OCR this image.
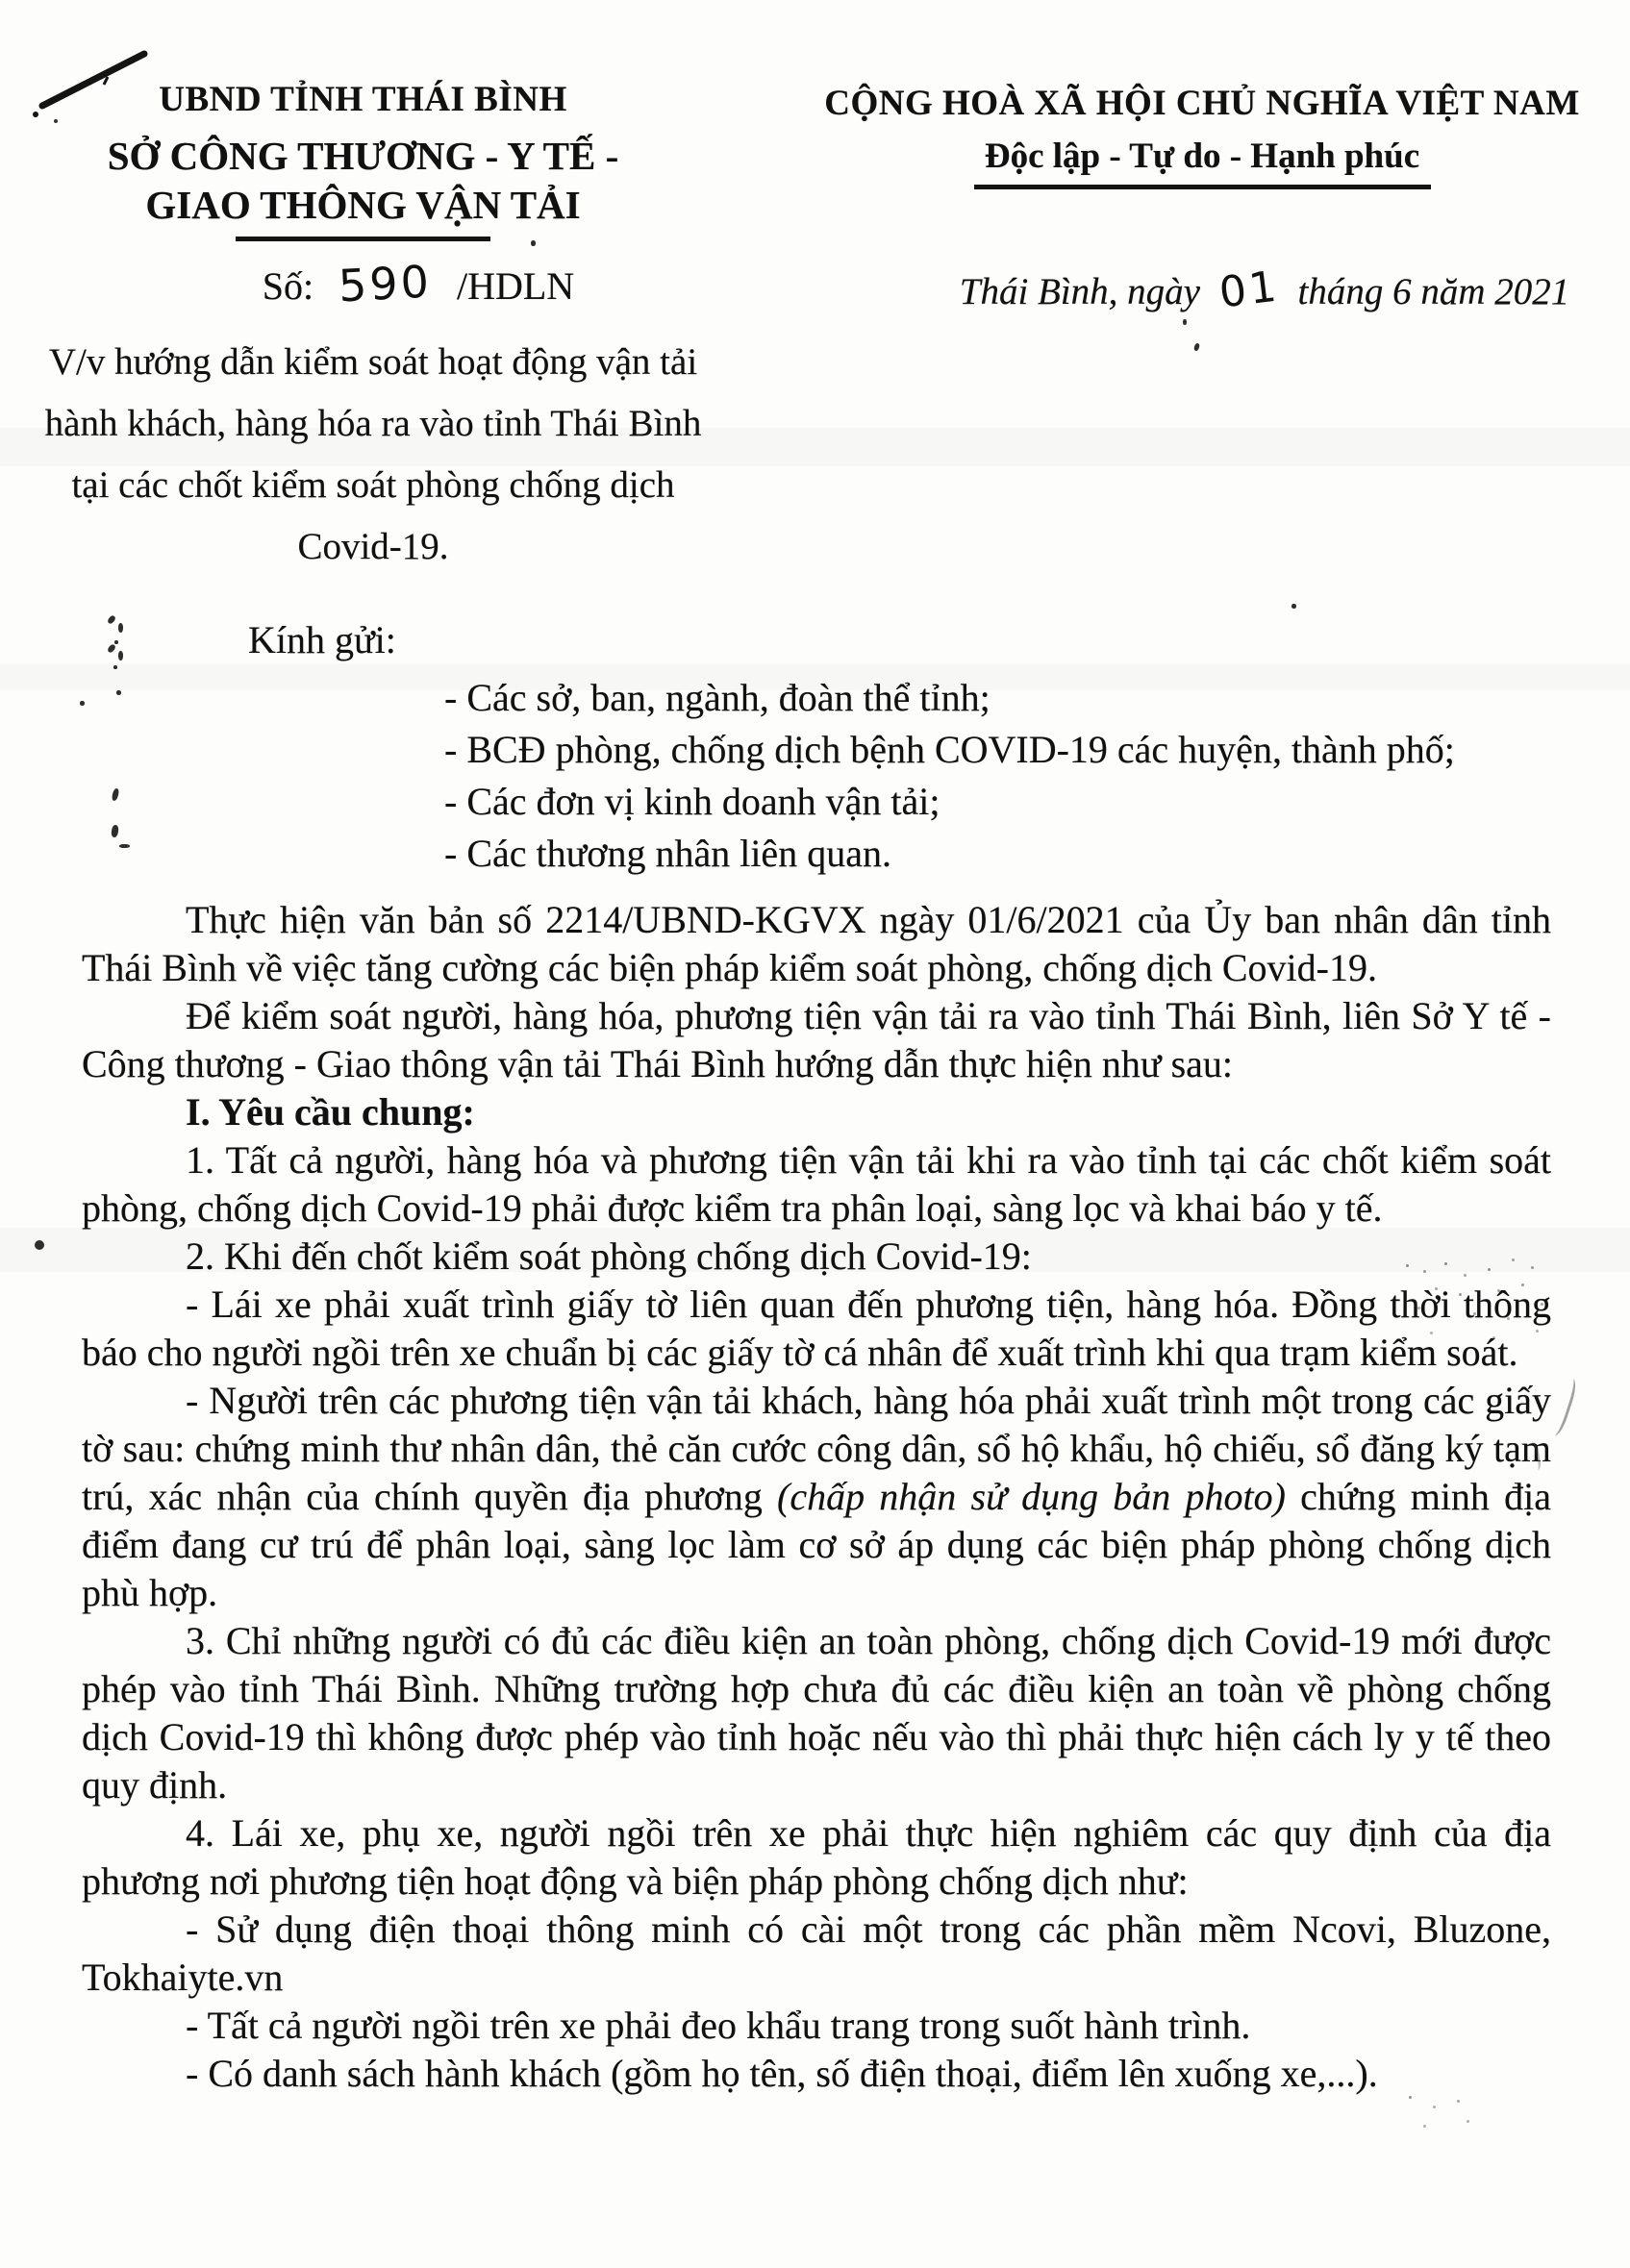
UBND TỈNH THÁI BÌNH
SỞ CÔNG THƯƠNG - Y TẾ -
GIAO THÔNG VẬN TẢI
CỘNG HOÀ XÃ HỘI CHỦ NGHĨA VIỆT NAM
Độc lập - Tự do - Hạnh phúc
Số: 590 /HDLN	Thái Bình, ngày 01 tháng 6 năm 2021
V/v hướng dẫn kiểm soát hoạt động vận tải hành khách, hàng hóa ra vào tỉnh Thái Bình tại các chốt kiểm soát phòng chống dịch Covid-19.
Kính gửi:
- Các sở, ban, ngành, đoàn thể tỉnh;
- BCĐ phòng, chống dịch bệnh COVID-19 các huyện, thành phố;
- Các đơn vị kinh doanh vận tải;
- Các thương nhân liên quan.

Thực hiện văn bản số 2214/UBND-KGVX ngày 01/6/2021 của Ủy ban nhân dân tỉnh Thái Bình về việc tăng cường các biện pháp kiểm soát phòng, chống dịch Covid-19.

Để kiểm soát người, hàng hóa, phương tiện vận tải ra vào tỉnh Thái Bình, liên Sở Y tế - Công thương - Giao thông vận tải Thái Bình hướng dẫn thực hiện như sau:

I. Yêu cầu chung:

1. Tất cả người, hàng hóa và phương tiện vận tải khi ra vào tỉnh tại các chốt kiểm soát phòng, chống dịch Covid-19 phải được kiểm tra phân loại, sàng lọc và khai báo y tế.

2. Khi đến chốt kiểm soát phòng chống dịch Covid-19:

- Lái xe phải xuất trình giấy tờ liên quan đến phương tiện, hàng hóa. Đồng thời thông báo cho người ngồi trên xe chuẩn bị các giấy tờ cá nhân để xuất trình khi qua trạm kiểm soát.

- Người trên các phương tiện vận tải khách, hàng hóa phải xuất trình một trong các giấy tờ sau: chứng minh thư nhân dân, thẻ căn cước công dân, sổ hộ khẩu, hộ chiếu, sổ đăng ký tạm trú, xác nhận của chính quyền địa phương (chấp nhận sử dụng bản photo) chứng minh địa điểm đang cư trú để phân loại, sàng lọc làm cơ sở áp dụng các biện pháp phòng chống dịch phù hợp.

3. Chỉ những người có đủ các điều kiện an toàn phòng, chống dịch Covid-19 mới được phép vào tỉnh Thái Bình. Những trường hợp chưa đủ các điều kiện an toàn về phòng chống dịch Covid-19 thì không được phép vào tỉnh hoặc nếu vào thì phải thực hiện cách ly y tế theo quy định.

4. Lái xe, phụ xe, người ngồi trên xe phải thực hiện nghiêm các quy định của địa phương nơi phương tiện hoạt động và biện pháp phòng chống dịch như:

- Sử dụng điện thoại thông minh có cài một trong các phần mềm Ncovi, Bluzone, Tokhaiyte.vn

- Tất cả người ngồi trên xe phải đeo khẩu trang trong suốt hành trình.

- Có danh sách hành khách (gồm họ tên, số điện thoại, điểm lên xuống xe,...).
